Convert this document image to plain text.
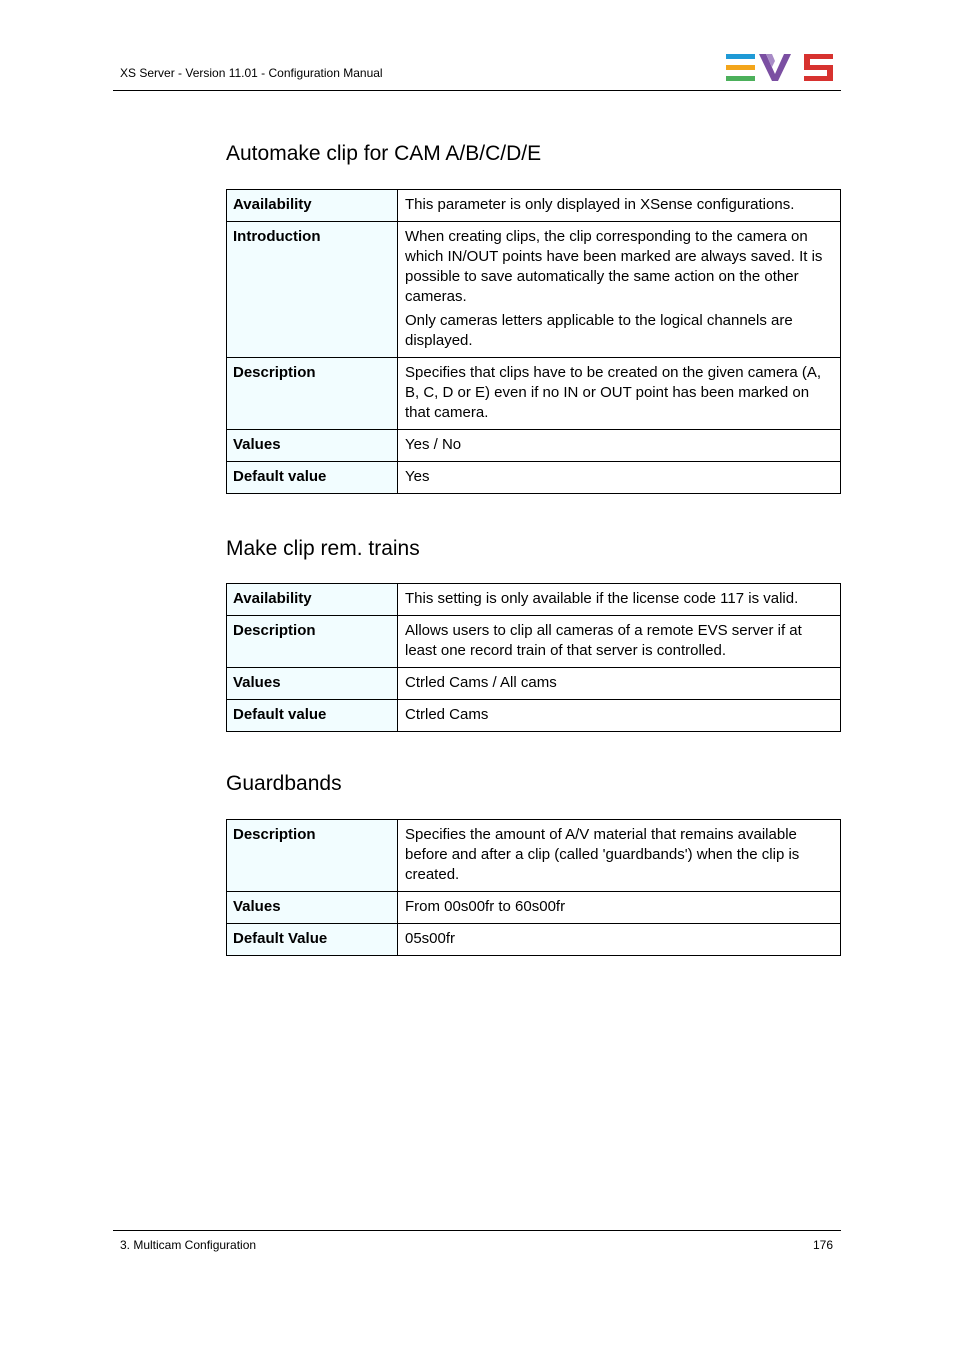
XS Server - Version 11.01 - Configuration Manual
Automake clip for CAM A/B/C/D/E
Availability	This parameter is only displayed in XSense configurations.

Introduction	When creating clips, the clip corresponding to the camera on which IN/OUT points have been marked are always saved. It is possible to save automatically the same action on the other cameras.

Only cameras letters applicable to the logical channels are displayed.

Description	Specifies that clips have to be created on the given camera (A, B, C, D or E) even if no IN or OUT point has been marked on that camera.

Values	Yes / No

Default value	Yes

Make clip rem. trains
Availability	This setting is only available if the license code 117 is valid.

Description	Allows users to clip all cameras of a remote EVS server if at least one record train of that server is controlled.

Values	Ctrled Cams / All cams

Default value	Ctrled Cams

Guardbands
Description	Specifies the amount of A/V material that remains available before and after a clip (called 'guardbands') when the clip is created.

Values	From 00s00fr to 60s00fr

Default Value	05s00fr

3. Multicam Configuration	176
